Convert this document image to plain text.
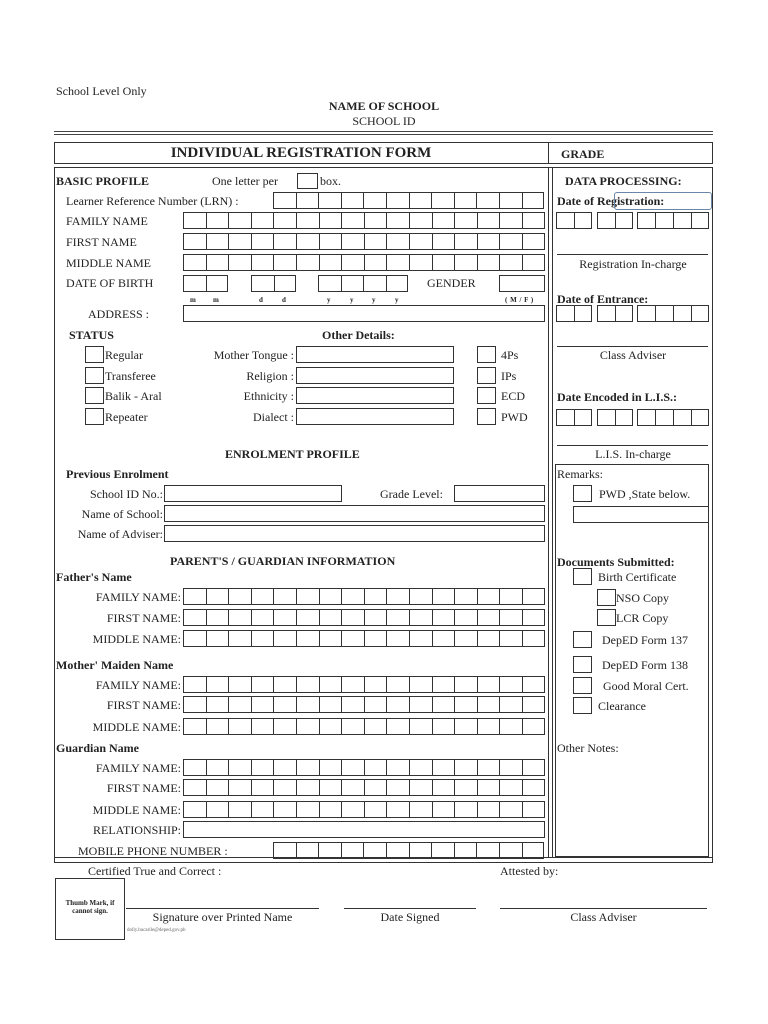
School Level Only
NAME OF SCHOOL
SCHOOL ID
INDIVIDUAL REGISTRATION FORM	GRADE
BASIC PROFILE	One letter per	box.
Learner Reference Number (LRN) :
FAMILY NAME
FIRST NAME
MIDDLE NAME
DATE OF BIRTH
m m	d	d	y	y	y	y
GENDER
( M / F )
ADDRESS :
STATUS	Other Details:
Regular
Transferee
Balik - Aral
Repeater
Mother Tongue :
Religion :
Ethnicity :
Dialect :
4Ps
IPs
ECD
PWD
ENROLMENT PROFILE
Previous Enrolment
School ID No.:	Grade Level:
Name of School:
Name of Adviser:
PARENT'S / GUARDIAN INFORMATION
Father's Name
FAMILY NAME:
FIRST NAME:
MIDDLE NAME:
Mother' Maiden Name
FAMILY NAME:
FIRST NAME:
MIDDLE NAME:
Guardian Name
FAMILY NAME:
FIRST NAME:
MIDDLE NAME:
RELATIONSHIP:
MOBILE PHONE NUMBER :
DATA PROCESSING:
Date of Registration:
Registration In-charge
Date of Entrance:
Class Adviser
Date Encoded in L.I.S.:
L.I.S. In-charge
Remarks:
PWD ,State below.
Documents Submitted:
Birth Certificate
NSO Copy
LCR Copy
DepED Form 137
DepED Form 138
Good Moral Cert.
Clearance
Other Notes:
Certified True and Correct :	Attested by:
Thumb Mark, if cannot sign.	Signature over Printed Name	Date Signed	Class Adviser
dolly.bucarile@deped.gov.ph
